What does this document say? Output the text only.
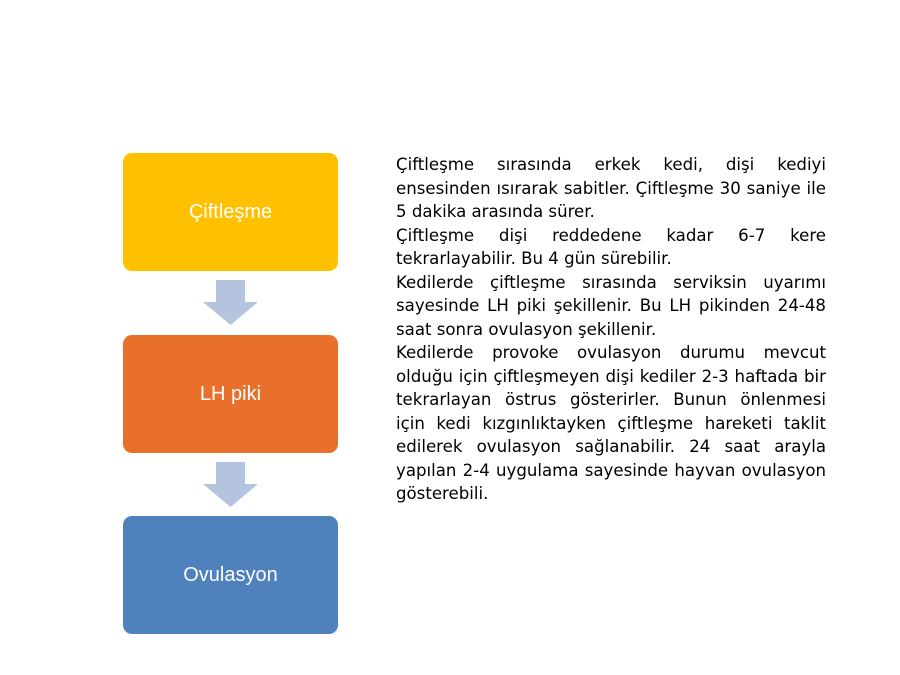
Çiftleşme
LH piki
Ovulasyon

Çiftleşme sırasında erkek kedi, dişi kediyi ensesinden ısırarak sabitler. Çiftleşme 30 saniye ile 5 dakika arasında sürer.

Çiftleşme dişi reddedene kadar 6-7 kere tekrarlayabilir. Bu 4 gün sürebilir.

Kedilerde çiftleşme sırasında serviksin uyarımı sayesinde LH piki şekillenir. Bu LH pikinden 24-48 saat sonra ovulasyon şekillenir.

Kedilerde provoke ovulasyon durumu mevcut olduğu için çiftleşmeyen dişi kediler 2-3 haftada bir tekrarlayan östrus gösterirler. Bunun önlenmesi için kedi kızgınlıktayken çiftleşme hareketi taklit edilerek ovulasyon sağlanabilir. 24 saat arayla yapılan 2-4 uygulama sayesinde hayvan ovulasyon gösterebili.
